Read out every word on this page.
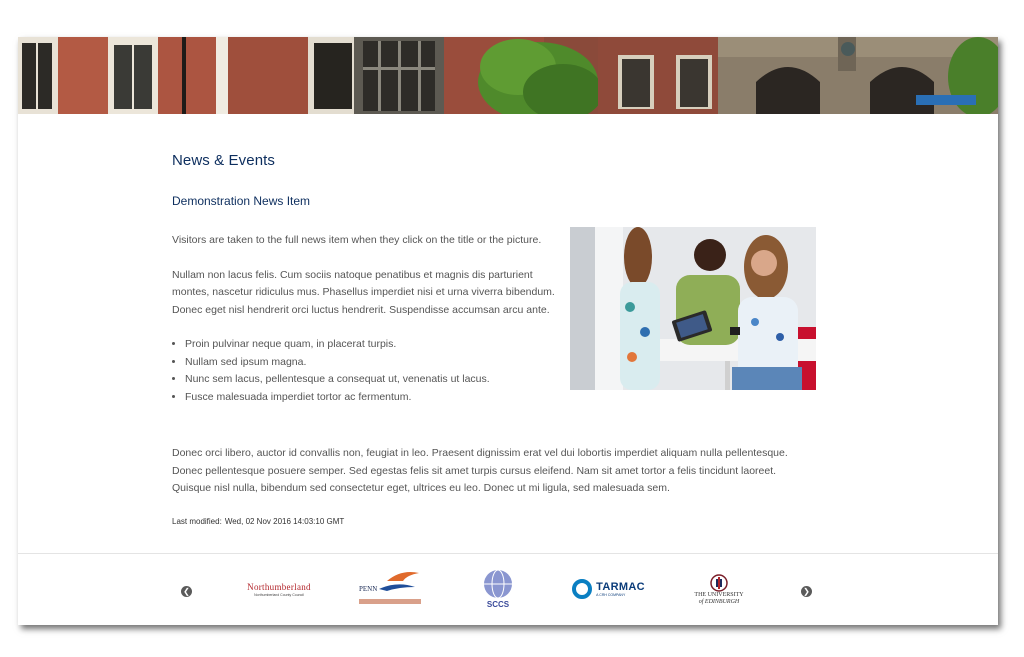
News & Events
Demonstration News Item

Visitors are taken to the full news item when they click on the title or the picture.

Nullam non lacus felis. Cum sociis natoque penatibus et magnis dis parturient montes, nascetur ridiculus mus. Phasellus imperdiet nisi et urna viverra bibendum. Donec eget nisl hendrerit orci luctus hendrerit. Suspendisse accumsan arcu ante.

• Proin pulvinar neque quam, in placerat turpis.
• Nullam sed ipsum magna.
• Nunc sem lacus, pellentesque a consequat ut, venenatis ut lacus.
• Fusce malesuada imperdiet tortor ac fermentum.

Donec orci libero, auctor id convallis non, feugiat in leo. Praesent dignissim erat vel dui lobortis imperdiet aliquam nulla pellentesque. Donec pellentesque posuere semper. Sed egestas felis sit amet turpis cursus eleifend. Nam sit amet tortor a felis tincidunt laoreet. Quisque nisl nulla, bibendum sed consectetur eget, ultrices eu leo. Donec ut mi ligula, sed malesuada sem.

Last modified: Wed, 02 Nov 2016 14:03:10 GMT
❮	Northumberland
Northumberland County Council
PENN
SCCS
TARMAC
A CRH COMPANY	THE UNIVERSITY
of EDINBURGH
❯
